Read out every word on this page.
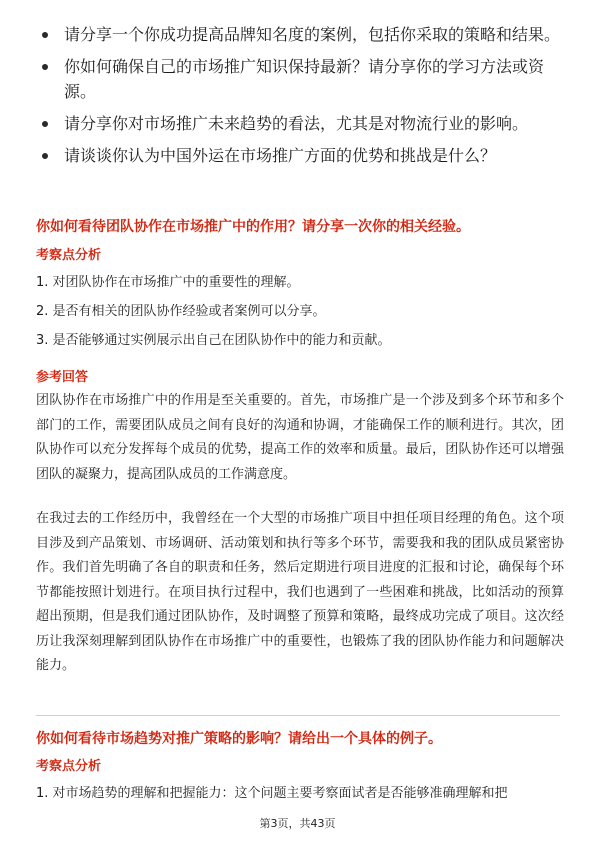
请分享一个你成功提高品牌知名度的案例，包括你采取的策略和结果。
你如何确保自己的市场推广知识保持最新？请分享你的学习方法或资源。
请分享你对市场推广未来趋势的看法，尤其是对物流行业的影响。
请谈谈你认为中国外运在市场推广方面的优势和挑战是什么？
你如何看待团队协作在市场推广中的作用？请分享一次你的相关经验。
考察点分析
1. 对团队协作在市场推广中的重要性的理解。
2. 是否有相关的团队协作经验或者案例可以分享。
3. 是否能够通过实例展示出自己在团队协作中的能力和贡献。
参考回答

团队协作在市场推广中的作用是至关重要的。首先，市场推广是一个涉及到多个环节和多个部门的工作，需要团队成员之间有良好的沟通和协调，才能确保工作的顺利进行。其次，团队协作可以充分发挥每个成员的优势，提高工作的效率和质量。最后，团队协作还可以增强团队的凝聚力，提高团队成员的工作满意度。

在我过去的工作经历中，我曾经在一个大型的市场推广项目中担任项目经理的角色。这个项目涉及到产品策划、市场调研、活动策划和执行等多个环节，需要我和我的团队成员紧密协作。我们首先明确了各自的职责和任务，然后定期进行项目进度的汇报和讨论，确保每个环节都能按照计划进行。在项目执行过程中，我们也遇到了一些困难和挑战，比如活动的预算超出预期，但是我们通过团队协作，及时调整了预算和策略，最终成功完成了项目。这次经历让我深刻理解到团队协作在市场推广中的重要性，也锻炼了我的团队协作能力和问题解决能力。

你如何看待市场趋势对推广策略的影响？请给出一个具体的例子。
考察点分析
1. 对市场趋势的理解和把握能力：这个问题主要考察面试者是否能够准确理解和把
第3页，共43页
